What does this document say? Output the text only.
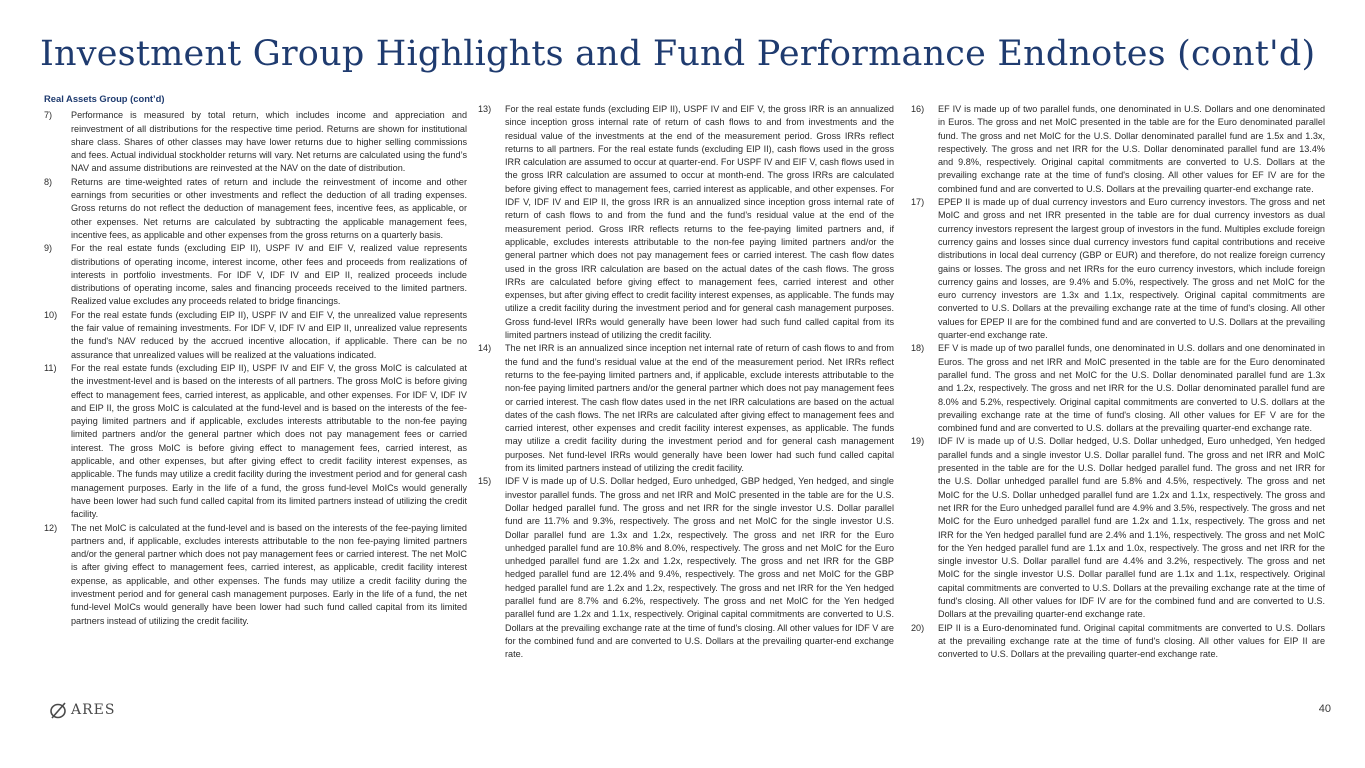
Investment Group Highlights and Fund Performance Endnotes (cont'd)
Real Assets Group (cont’d)
7)	Performance is measured by total return, which includes income and appreciation and reinvestment of all distributions for the respective time period. Returns are shown for institutional share class. Shares of other classes may have lower returns due to higher selling commissions and fees. Actual individual stockholder returns will vary. Net returns are calculated using the fund’s NAV and assume distributions are reinvested at the NAV on the date of distribution.
8)	Returns are time-weighted rates of return and include the reinvestment of income and other earnings from securities or other investments and reflect the deduction of all trading expenses. Gross returns do not reflect the deduction of management fees, incentive fees, as applicable, or other expenses. Net returns are calculated by subtracting the applicable management fees, incentive fees, as applicable and other expenses from the gross returns on a quarterly basis.
9)	For the real estate funds (excluding EIP II), USPF IV and EIF V, realized value represents distributions of operating income, interest income, other fees and proceeds from realizations of interests in portfolio investments. For IDF V, IDF IV and EIP II, realized proceeds include distributions of operating income, sales and financing proceeds received to the limited partners. Realized value excludes any proceeds related to bridge financings.
10)	For the real estate funds (excluding EIP II), USPF IV and EIF V, the unrealized value represents the fair value of remaining investments. For IDF V, IDF IV and EIP II, unrealized value represents the fund's NAV reduced by the accrued incentive allocation, if applicable. There can be no assurance that unrealized values will be realized at the valuations indicated.
11)	For the real estate funds (excluding EIP II), USPF IV and EIF V, the gross MoIC is calculated at the investment-level and is based on the interests of all partners. The gross MoIC is before giving effect to management fees, carried interest, as applicable, and other expenses. For IDF V, IDF IV and EIP II, the gross MoIC is calculated at the fund-level and is based on the interests of the fee-paying limited partners and if applicable, excludes interests attributable to the non-fee paying limited partners and/or the general partner which does not pay management fees or carried interest. The gross MoIC is before giving effect to management fees, carried interest, as applicable, and other expenses, but after giving effect to credit facility interest expenses, as applicable. The funds may utilize a credit facility during the investment period and for general cash management purposes. Early in the life of a fund, the gross fund-level MoICs would generally have been lower had such fund called capital from its limited partners instead of utilizing the credit facility.
12)	The net MoIC is calculated at the fund-level and is based on the interests of the fee-paying limited partners and, if applicable, excludes interests attributable to the non fee-paying limited partners and/or the general partner which does not pay management fees or carried interest. The net MoIC is after giving effect to management fees, carried interest, as applicable, credit facility interest expense, as applicable, and other expenses. The funds may utilize a credit facility during the investment period and for general cash management purposes. Early in the life of a fund, the net fund-level MoICs would generally have been lower had such fund called capital from its limited partners instead of utilizing the credit facility.
13)	For the real estate funds (excluding EIP II), USPF IV and EIF V, the gross IRR is an annualized since inception gross internal rate of return of cash flows to and from investments and the residual value of the investments at the end of the measurement period. Gross IRRs reflect returns to all partners. For the real estate funds (excluding EIP II), cash flows used in the gross IRR calculation are assumed to occur at quarter-end. For USPF IV and EIF V, cash flows used in the gross IRR calculation are assumed to occur at month-end. The gross IRRs are calculated before giving effect to management fees, carried interest as applicable, and other expenses. For IDF V, IDF IV and EIP II, the gross IRR is an annualized since inception gross internal rate of return of cash flows to and from the fund and the fund’s residual value at the end of the measurement period. Gross IRR reflects returns to the fee-paying limited partners and, if applicable, excludes interests attributable to the non-fee paying limited partners and/or the general partner which does not pay management fees or carried interest. The cash flow dates used in the gross IRR calculation are based on the actual dates of the cash flows. The gross IRRs are calculated before giving effect to management fees, carried interest and other expenses, but after giving effect to credit facility interest expenses, as applicable. The funds may utilize a credit facility during the investment period and for general cash management purposes. Gross fund-level IRRs would generally have been lower had such fund called capital from its limited partners instead of utilizing the credit facility.
14)	The net IRR is an annualized since inception net internal rate of return of cash flows to and from the fund and the fund’s residual value at the end of the measurement period. Net IRRs reflect returns to the fee-paying limited partners and, if applicable, exclude interests attributable to the non-fee paying limited partners and/or the general partner which does not pay management fees or carried interest. The cash flow dates used in the net IRR calculations are based on the actual dates of the cash flows. The net IRRs are calculated after giving effect to management fees and carried interest, other expenses and credit facility interest expenses, as applicable. The funds may utilize a credit facility during the investment period and for general cash management purposes. Net fund-level IRRs would generally have been lower had such fund called capital from its limited partners instead of utilizing the credit facility.
15)	IDF V is made up of U.S. Dollar hedged, Euro unhedged, GBP hedged, Yen hedged, and single investor parallel funds. The gross and net IRR and MoIC presented in the table are for the U.S. Dollar hedged parallel fund. The gross and net IRR for the single investor U.S. Dollar parallel fund are 11.7% and 9.3%, respectively. The gross and net MoIC for the single investor U.S. Dollar parallel fund are 1.3x and 1.2x, respectively. The gross and net IRR for the Euro unhedged parallel fund are 10.8% and 8.0%, respectively. The gross and net MoIC for the Euro unhedged parallel fund are 1.2x and 1.2x, respectively. The gross and net IRR for the GBP hedged parallel fund are 12.4% and 9.4%, respectively. The gross and net MoIC for the GBP hedged parallel fund are 1.2x and 1.2x, respectively. The gross and net IRR for the Yen hedged parallel fund are 8.7% and 6.2%, respectively. The gross and net MoIC for the Yen hedged parallel fund are 1.2x and 1.1x, respectively. Original capital commitments are converted to U.S. Dollars at the prevailing exchange rate at the time of fund's closing. All other values for IDF V are for the combined fund and are converted to U.S. Dollars at the prevailing quarter-end exchange rate.
16)	EF IV is made up of two parallel funds, one denominated in U.S. Dollars and one denominated in Euros. The gross and net MoIC presented in the table are for the Euro denominated parallel fund. The gross and net MoIC for the U.S. Dollar denominated parallel fund are 1.5x and 1.3x, respectively. The gross and net IRR for the U.S. Dollar denominated parallel fund are 13.4% and 9.8%, respectively. Original capital commitments are converted to U.S. Dollars at the prevailing exchange rate at the time of fund's closing. All other values for EF IV are for the combined fund and are converted to U.S. Dollars at the prevailing quarter-end exchange rate.
17)	EPEP II is made up of dual currency investors and Euro currency investors. The gross and net MoIC and gross and net IRR presented in the table are for dual currency investors as dual currency investors represent the largest group of investors in the fund. Multiples exclude foreign currency gains and losses since dual currency investors fund capital contributions and receive distributions in local deal currency (GBP or EUR) and therefore, do not realize foreign currency gains or losses. The gross and net IRRs for the euro currency investors, which include foreign currency gains and losses, are 9.4% and 5.0%, respectively. The gross and net MoIC for the euro currency investors are 1.3x and 1.1x, respectively. Original capital commitments are converted to U.S. Dollars at the prevailing exchange rate at the time of fund's closing. All other values for EPEP II are for the combined fund and are converted to U.S. Dollars at the prevailing quarter-end exchange rate.
18)	EF V is made up of two parallel funds, one denominated in U.S. dollars and one denominated in Euros. The gross and net IRR and MoIC presented in the table are for the Euro denominated parallel fund. The gross and net MoIC for the U.S. Dollar denominated parallel fund are 1.3x and 1.2x, respectively. The gross and net IRR for the U.S. Dollar denominated parallel fund are 8.0% and 5.2%, respectively. Original capital commitments are converted to U.S. dollars at the prevailing exchange rate at the time of fund's closing. All other values for EF V are for the combined fund and are converted to U.S. dollars at the prevailing quarter-end exchange rate.
19)	IDF IV is made up of U.S. Dollar hedged, U.S. Dollar unhedged, Euro unhedged, Yen hedged parallel funds and a single investor U.S. Dollar parallel fund. The gross and net IRR and MoIC presented in the table are for the U.S. Dollar hedged parallel fund. The gross and net IRR for the U.S. Dollar unhedged parallel fund are 5.8% and 4.5%, respectively. The gross and net MoIC for the U.S. Dollar unhedged parallel fund are 1.2x and 1.1x, respectively. The gross and net IRR for the Euro unhedged parallel fund are 4.9% and 3.5%, respectively. The gross and net MoIC for the Euro unhedged parallel fund are 1.2x and 1.1x, respectively. The gross and net IRR for the Yen hedged parallel fund are 2.4% and 1.1%, respectively. The gross and net MoIC for the Yen hedged parallel fund are 1.1x and 1.0x, respectively. The gross and net IRR for the single investor U.S. Dollar parallel fund are 4.4% and 3.2%, respectively. The gross and net MoIC for the single investor U.S. Dollar parallel fund are 1.1x and 1.1x, respectively. Original capital commitments are converted to U.S. Dollars at the prevailing exchange rate at the time of fund's closing. All other values for IDF IV are for the combined fund and are converted to U.S. Dollars at the prevailing quarter-end exchange rate.
20)	EIP II is a Euro-denominated fund. Original capital commitments are converted to U.S. Dollars at the prevailing exchange rate at the time of fund's closing. All other values for EIP II are converted to U.S. Dollars at the prevailing quarter-end exchange rate.
ARES	40
